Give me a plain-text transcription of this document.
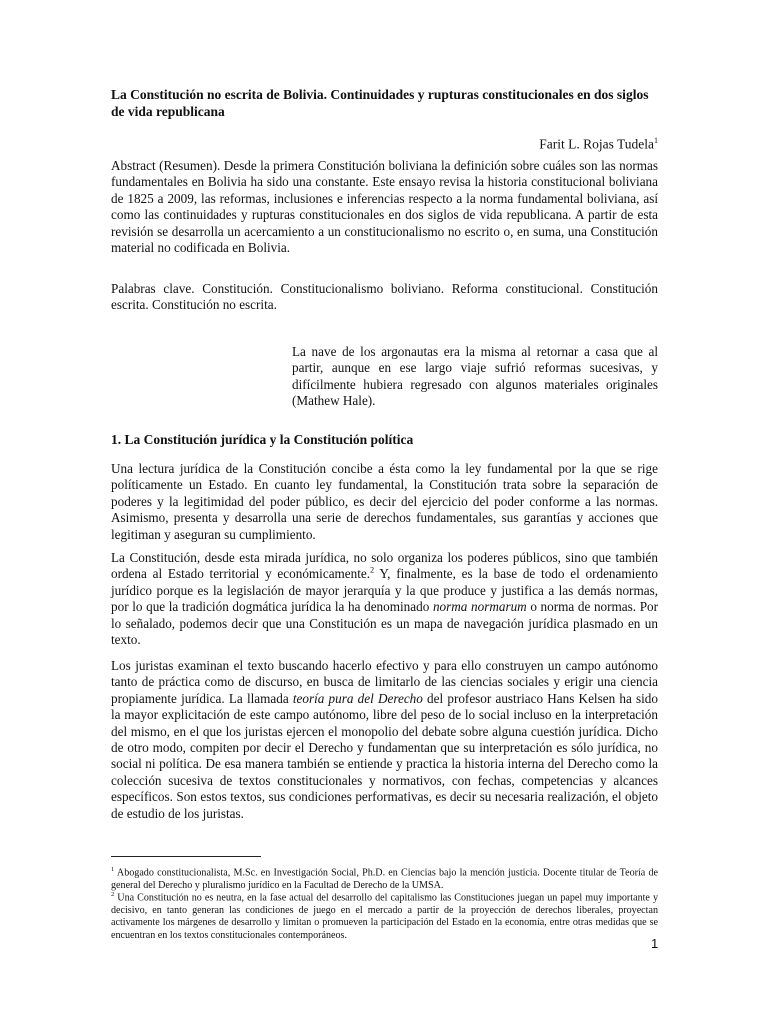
La Constitución no escrita de Bolivia. Continuidades y rupturas constitucionales en dos siglos de vida republicana
Farit L. Rojas Tudela$^1$

Abstract (Resumen). Desde la primera Constitución boliviana la definición sobre cuáles son las normas fundamentales en Bolivia ha sido una constante. Este ensayo revisa la historia constitucional boliviana de 1825 a 2009, las reformas, inclusiones e inferencias respecto a la norma fundamental boliviana, así como las continuidades y rupturas constitucionales en dos siglos de vida republicana. A partir de esta revisión se desarrolla un acercamiento a un constitucionalismo no escrito o, en suma, una Constitución material no codificada en Bolivia.

Palabras clave. Constitución. Constitucionalismo boliviano. Reforma constitucional. Constitución escrita. Constitución no escrita.

La nave de los argonautas era la misma al retornar a casa que al partir, aunque en ese largo viaje sufrió reformas sucesivas, y difícilmente hubiera regresado con algunos materiales originales (Mathew Hale).

1. La Constitución jurídica y la Constitución política

Una lectura jurídica de la Constitución concibe a ésta como la ley fundamental por la que se rige políticamente un Estado. En cuanto ley fundamental, la Constitución trata sobre la separación de poderes y la legitimidad del poder público, es decir del ejercicio del poder conforme a las normas. Asimismo, presenta y desarrolla una serie de derechos fundamentales, sus garantías y acciones que legitiman y aseguran su cumplimiento.

La Constitución, desde esta mirada jurídica, no solo organiza los poderes públicos, sino que también ordena al Estado territorial y económicamente.$^2$ Y, finalmente, es la base de todo el ordenamiento jurídico porque es la legislación de mayor jerarquía y la que produce y justifica a las demás normas, por lo que la tradición dogmática jurídica la ha denominado norma normarum o norma de normas. Por lo señalado, podemos decir que una Constitución es un mapa de navegación jurídica plasmado en un texto.

Los juristas examinan el texto buscando hacerlo efectivo y para ello construyen un campo autónomo tanto de práctica como de discurso, en busca de limitarlo de las ciencias sociales y erigir una ciencia propiamente jurídica. La llamada teoría pura del Derecho del profesor austriaco Hans Kelsen ha sido la mayor explicitación de este campo autónomo, libre del peso de lo social incluso en la interpretación del mismo, en el que los juristas ejercen el monopolio del debate sobre alguna cuestión jurídica. Dicho de otro modo, compiten por decir el Derecho y fundamentan que su interpretación es sólo jurídica, no social ni política. De esa manera también se entiende y practica la historia interna del Derecho como la colección sucesiva de textos constitucionales y normativos, con fechas, competencias y alcances específicos. Son estos textos, sus condiciones performativas, es decir su necesaria realización, el objeto de estudio de los juristas.

$^1$ Abogado constitucionalista, M.Sc. en Investigación Social, Ph.D. en Ciencias bajo la mención justicia. Docente titular de Teoría de general del Derecho y pluralismo jurídico en la Facultad de Derecho de la UMSA.

$^2$ Una Constitución no es neutra, en la fase actual del desarrollo del capitalismo las Constituciones juegan un papel muy importante y decisivo, en tanto generan las condiciones de juego en el mercado a partir de la proyección de derechos liberales, proyectan activamente los márgenes de desarrollo y limitan o promueven la participación del Estado en la economía, entre otras medidas que se encuentran en los textos constitucionales contemporáneos.

1
